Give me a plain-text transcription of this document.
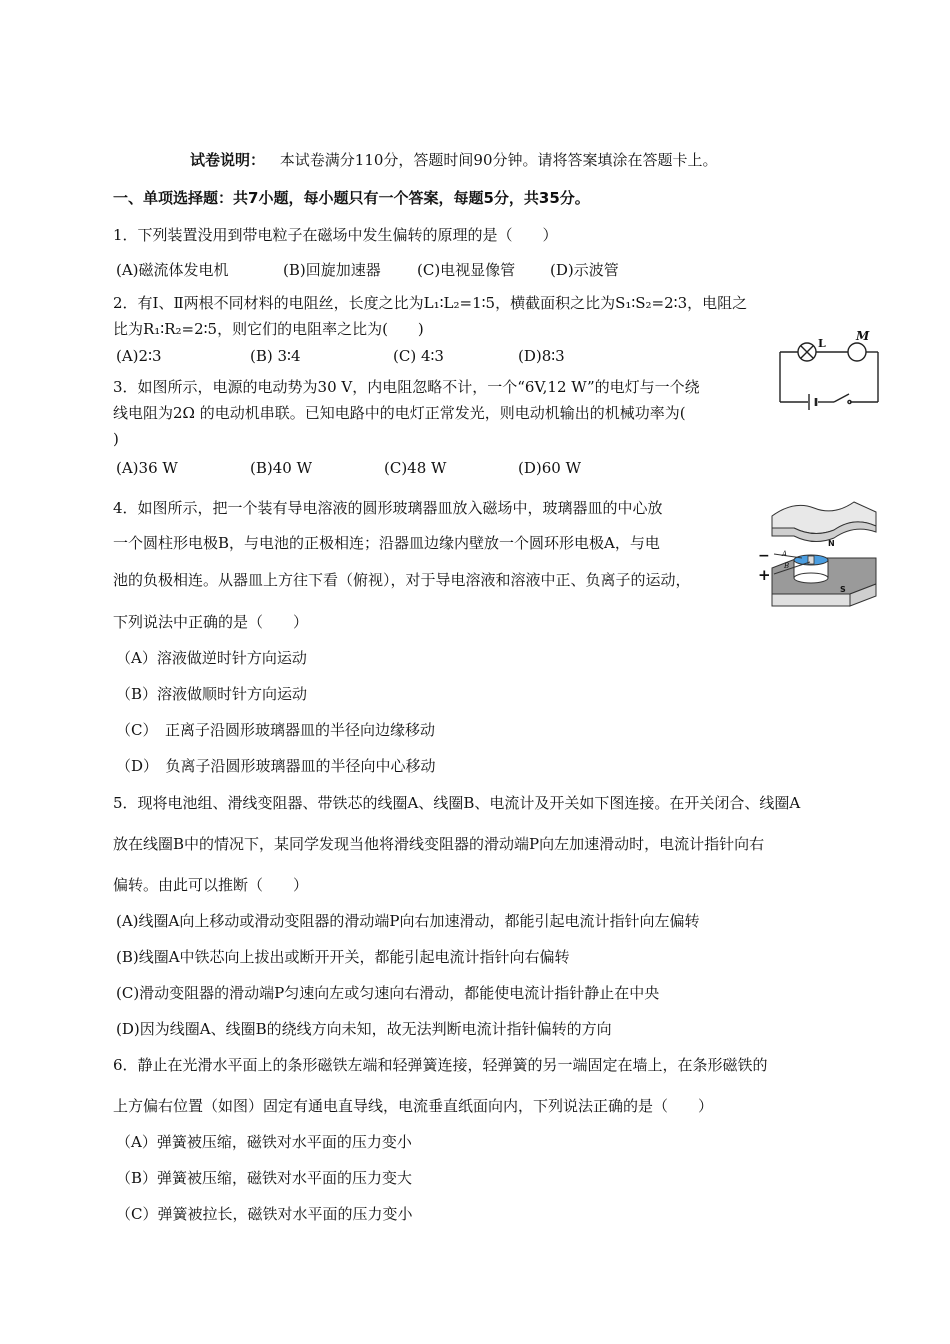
试卷说明： 本试卷满分110分，答题时间90分钟。请将答案填涂在答题卡上。
一、单项选择题：共7小题，每小题只有一个答案，每题5分，共35分。
1．下列装置没用到带电粒子在磁场中发生偏转的原理的是（　　）
(A)磁流体发电机	(B)回旋加速器 (C)电视显像管 (D)示波管
2．有Ⅰ、Ⅱ两根不同材料的电阻丝，长度之比为L₁∶L₂=1∶5，横截面积之比为S₁∶S₂=2∶3，电阻之
比为R₁∶R₂=2∶5，则它们的电阻率之比为(　　)
(A)2∶3	(B) 3∶4	(C) 4∶3	(D)8∶3
L
M
3．如图所示，电源的电动势为30 V，内电阻忽略不计，一个“6V,12 W”的电灯与一个绕
线电阻为2Ω 的电动机串联。已知电路中的电灯正常发光，则电动机输出的机械功率为(
)
(A)36 W	(B)40 W	(C)48 W	(D)60 W
−
+
A
B
N
S
4．如图所示，把一个装有导电溶液的圆形玻璃器皿放入磁场中，玻璃器皿的中心放
一个圆柱形电极B，与电池的正极相连；沿器皿边缘内壁放一个圆环形电极A，与电
池的负极相连。从器皿上方往下看（俯视），对于导电溶液和溶液中正、负离子的运动，
下列说法中正确的是（　　）
（A）溶液做逆时针方向运动
（B）溶液做顺时针方向运动
（C）　正离子沿圆形玻璃器皿的半径向边缘移动
（D）　负离子沿圆形玻璃器皿的半径向中心移动
5．现将电池组、滑线变阻器、带铁芯的线圈A、线圈B、电流计及开关如下图连接。在开关闭合、线圈A
放在线圈B中的情况下，某同学发现当他将滑线变阻器的滑动端P向左加速滑动时，电流计指针向右
偏转。由此可以推断（　　）
(A)线圈A向上移动或滑动变阻器的滑动端P向右加速滑动，都能引起电流计指针向左偏转
(B)线圈A中铁芯向上拔出或断开开关，都能引起电流计指针向右偏转
(C)滑动变阻器的滑动端P匀速向左或匀速向右滑动，都能使电流计指针静止在中央
(D)因为线圈A、线圈B的绕线方向未知，故无法判断电流计指针偏转的方向
6．静止在光滑水平面上的条形磁铁左端和轻弹簧连接，轻弹簧的另一端固定在墙上，在条形磁铁的
上方偏右位置（如图）固定有通电直导线，电流垂直纸面向内，下列说法正确的是（　　）
（A）弹簧被压缩，磁铁对水平面的压力变小
（B）弹簧被压缩，磁铁对水平面的压力变大
（C）弹簧被拉长，磁铁对水平面的压力变小
